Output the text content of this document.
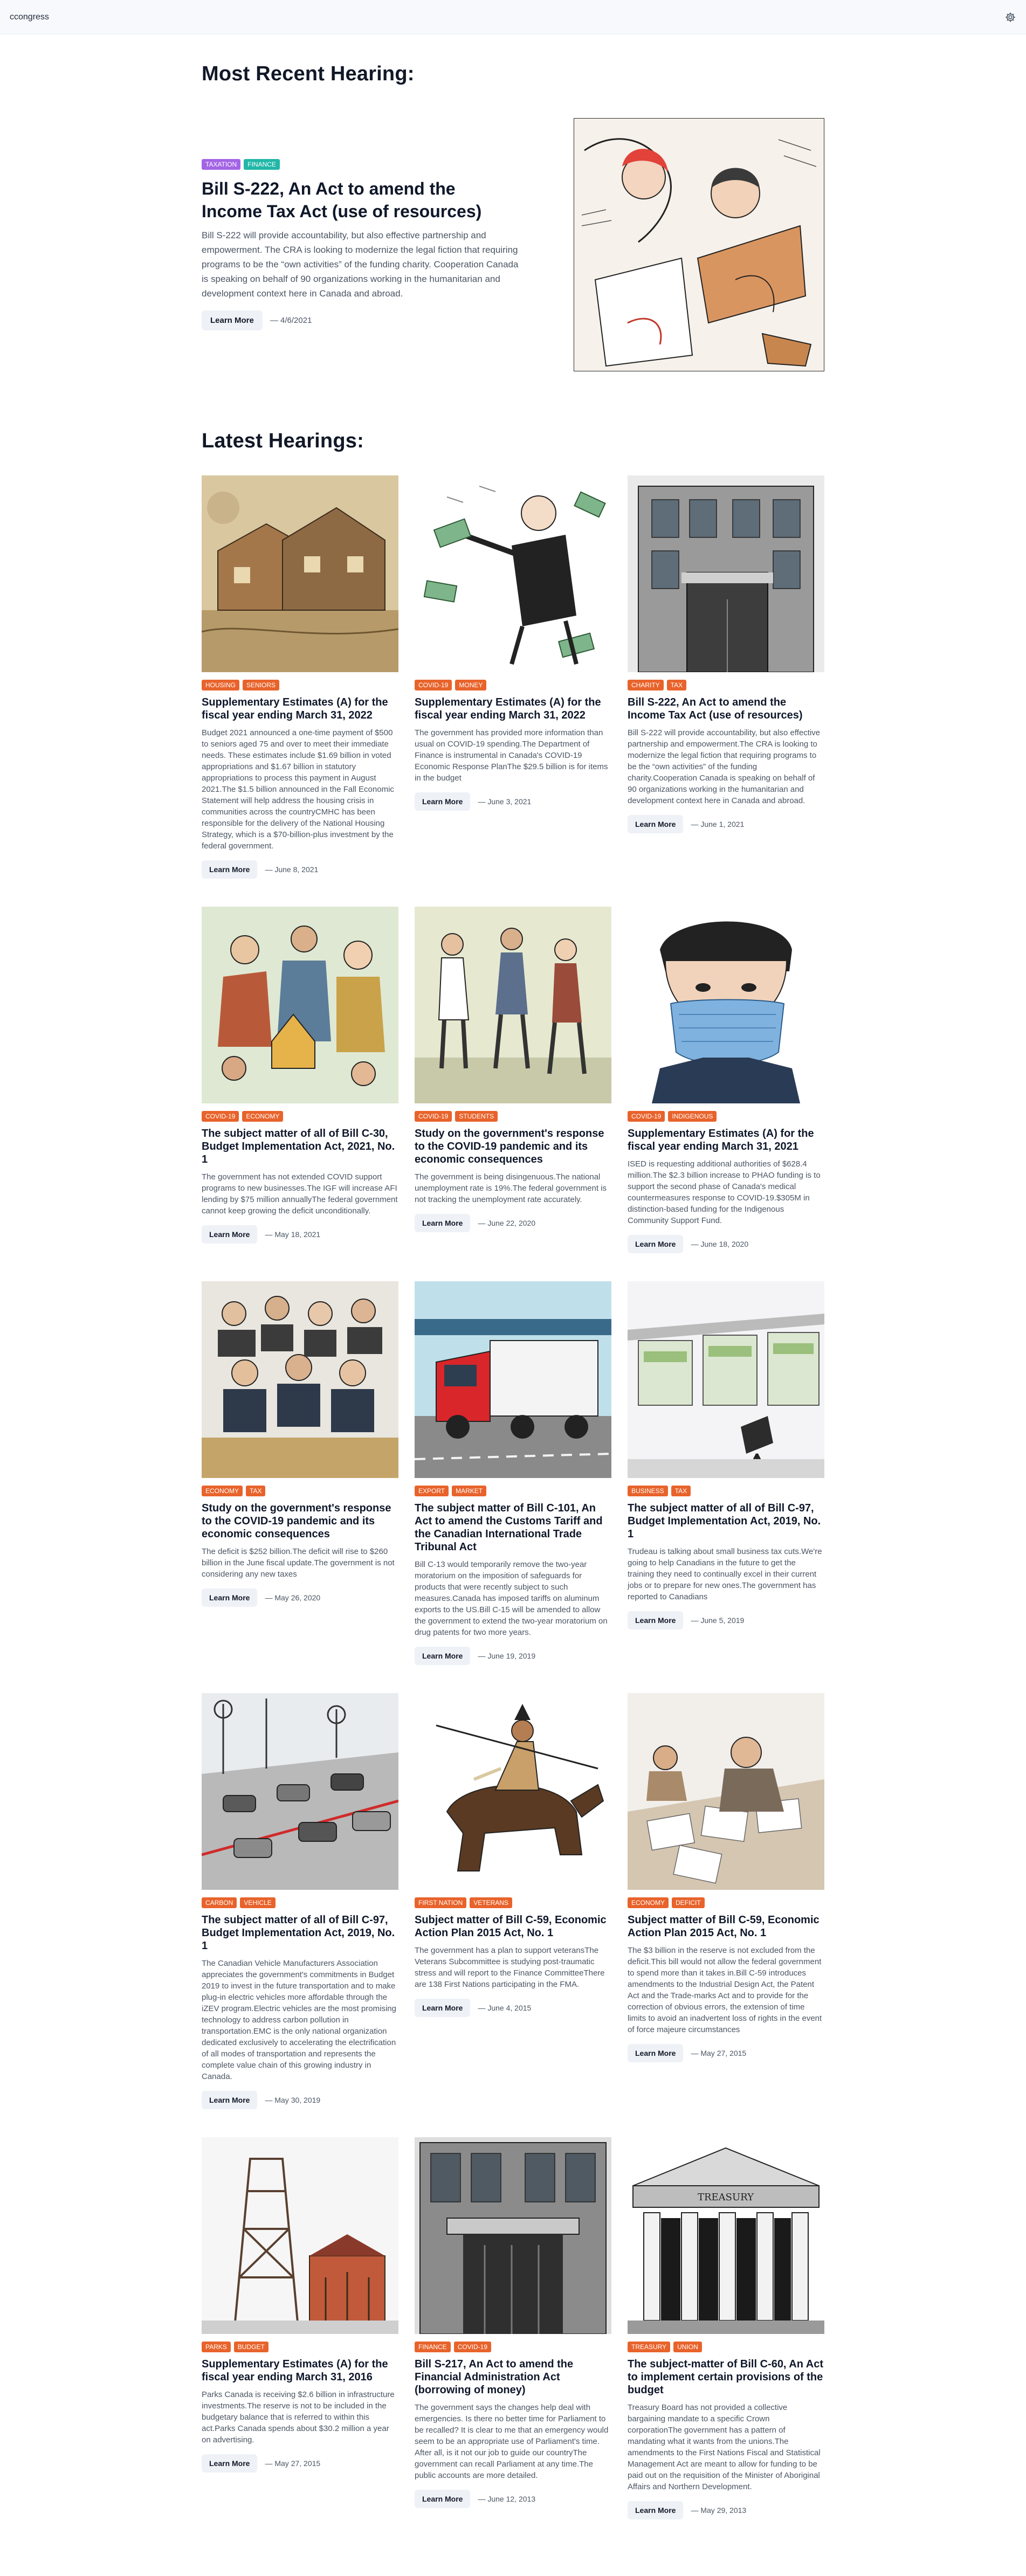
ccongress
Most Recent Hearing:
TAXATION	FINANCE
Bill S-222, An Act to amend the Income Tax Act (use of resources)

Bill S-222 will provide accountability, but also effective partnership and empowerment. The CRA is looking to modernize the legal fiction that requiring programs to be the “own activities” of the funding charity. Cooperation Canada is speaking on behalf of 90 organizations working in the humanitarian and development context here in Canada and abroad.

Learn More	— 4/6/2021
Latest Hearings:
HOUSING	SENIORS
Supplementary Estimates (A) for the fiscal year ending March 31, 2022

Budget 2021 announced a one-time payment of $500 to seniors aged 75 and over to meet their immediate needs. These estimates include $1.69 billion in voted appropriations and $1.67 billion in statutory appropriations to process this payment in August 2021.The $1.5 billion announced in the Fall Economic Statement will help address the housing crisis in communities across the countryCMHC has been responsible for the delivery of the National Housing Strategy, which is a $70-billion-plus investment by the federal government.

Learn More	— June 8, 2021
COVID-19	MONEY
Supplementary Estimates (A) for the fiscal year ending March 31, 2022

The government has provided more information than usual on COVID-19 spending.The Department of Finance is instrumental in Canada's COVID-19 Economic Response PlanThe $29.5 billion is for items in the budget

Learn More	— June 3, 2021
CHARITY	TAX
Bill S-222, An Act to amend the Income Tax Act (use of resources)

Bill S-222 will provide accountability, but also effective partnership and empowerment.The CRA is looking to modernize the legal fiction that requiring programs to be the “own activities” of the funding charity.Cooperation Canada is speaking on behalf of 90 organizations working in the humanitarian and development context here in Canada and abroad.

Learn More	— June 1, 2021
COVID-19	ECONOMY
The subject matter of all of Bill C-30, Budget Implementation Act, 2021, No. 1

The government has not extended COVID support programs to new businesses.The IGF will increase AFI lending by $75 million annuallyThe federal government cannot keep growing the deficit unconditionally.

Learn More	— May 18, 2021
COVID-19	STUDENTS
Study on the government's response to the COVID-19 pandemic and its economic consequences

The government is being disingenuous.The national unemployment rate is 19%.The federal government is not tracking the unemployment rate accurately.

Learn More	— June 22, 2020
COVID-19	INDIGENOUS
Supplementary Estimates (A) for the fiscal year ending March 31, 2021

ISED is requesting additional authorities of $628.4 million.The $2.3 billion increase to PHAO funding is to support the second phase of Canada's medical countermeasures response to COVID-19.$305M in distinction-based funding for the Indigenous Community Support Fund.

Learn More	— June 18, 2020
ECONOMY	TAX
Study on the government's response to the COVID-19 pandemic and its economic consequences

The deficit is $252 billion.The deficit will rise to $260 billion in the June fiscal update.The government is not considering any new taxes

Learn More	— May 26, 2020
EXPORT	MARKET
The subject matter of Bill C-101, An Act to amend the Customs Tariff and the Canadian International Trade Tribunal Act

Bill C-13 would temporarily remove the two-year moratorium on the imposition of safeguards for products that were recently subject to such measures.Canada has imposed tariffs on aluminum exports to the US.Bill C-15 will be amended to allow the government to extend the two-year moratorium on drug patents for two more years.

Learn More	— June 19, 2019
BUSINESS	TAX
The subject matter of all of Bill C-97, Budget Implementation Act, 2019, No. 1

Trudeau is talking about small business tax cuts.We're going to help Canadians in the future to get the training they need to continually excel in their current jobs or to prepare for new ones.The government has reported to Canadians

Learn More	— June 5, 2019
CARBON	VEHICLE
The subject matter of all of Bill C-97, Budget Implementation Act, 2019, No. 1

The Canadian Vehicle Manufacturers Association appreciates the government's commitments in Budget 2019 to invest in the future transportation and to make plug-in electric vehicles more affordable through the iZEV program.Electric vehicles are the most promising technology to address carbon pollution in transportation.EMC is the only national organization dedicated exclusively to accelerating the electrification of all modes of transportation and represents the complete value chain of this growing industry in Canada.

Learn More	— May 30, 2019
FIRST NATION	VETERANS
Subject matter of Bill C-59, Economic Action Plan 2015 Act, No. 1

The government has a plan to support veteransThe Veterans Subcommittee is studying post-traumatic stress and will report to the Finance CommitteeThere are 138 First Nations participating in the FMA.

Learn More	— June 4, 2015
ECONOMY	DEFICIT
Subject matter of Bill C-59, Economic Action Plan 2015 Act, No. 1

The $3 billion in the reserve is not excluded from the deficit.This bill would not allow the federal government to spend more than it takes in.Bill C-59 introduces amendments to the Industrial Design Act, the Patent Act and the Trade-marks Act and to provide for the correction of obvious errors, the extension of time limits to avoid an inadvertent loss of rights in the event of force majeure circumstances

Learn More	— May 27, 2015
PARKS	BUDGET
Supplementary Estimates (A) for the fiscal year ending March 31, 2016

Parks Canada is receiving $2.6 billion in infrastructure investments.The reserve is not to be included in the budgetary balance that is referred to within this act.Parks Canada spends about $30.2 million a year on advertising.

Learn More	— May 27, 2015
FINANCE	COVID-19
Bill S-217, An Act to amend the Financial Administration Act (borrowing of money)

The government says the changes help deal with emergencies. Is there no better time for Parliament to be recalled? It is clear to me that an emergency would seem to be an appropriate use of Parliament's time. After all, is it not our job to guide our countryThe government can recall Parliament at any time.The public accounts are more detailed.

Learn More	— June 12, 2013
TREASURY
TREASURY	UNION
The subject-matter of Bill C-60, An Act to implement certain provisions of the budget

Treasury Board has not provided a collective bargaining mandate to a specific Crown corporationThe government has a pattern of mandating what it wants from the unions.The amendments to the First Nations Fiscal and Statistical Management Act are meant to allow for funding to be paid out on the requisition of the Minister of Aboriginal Affairs and Northern Development.

Learn More	— May 29, 2013
